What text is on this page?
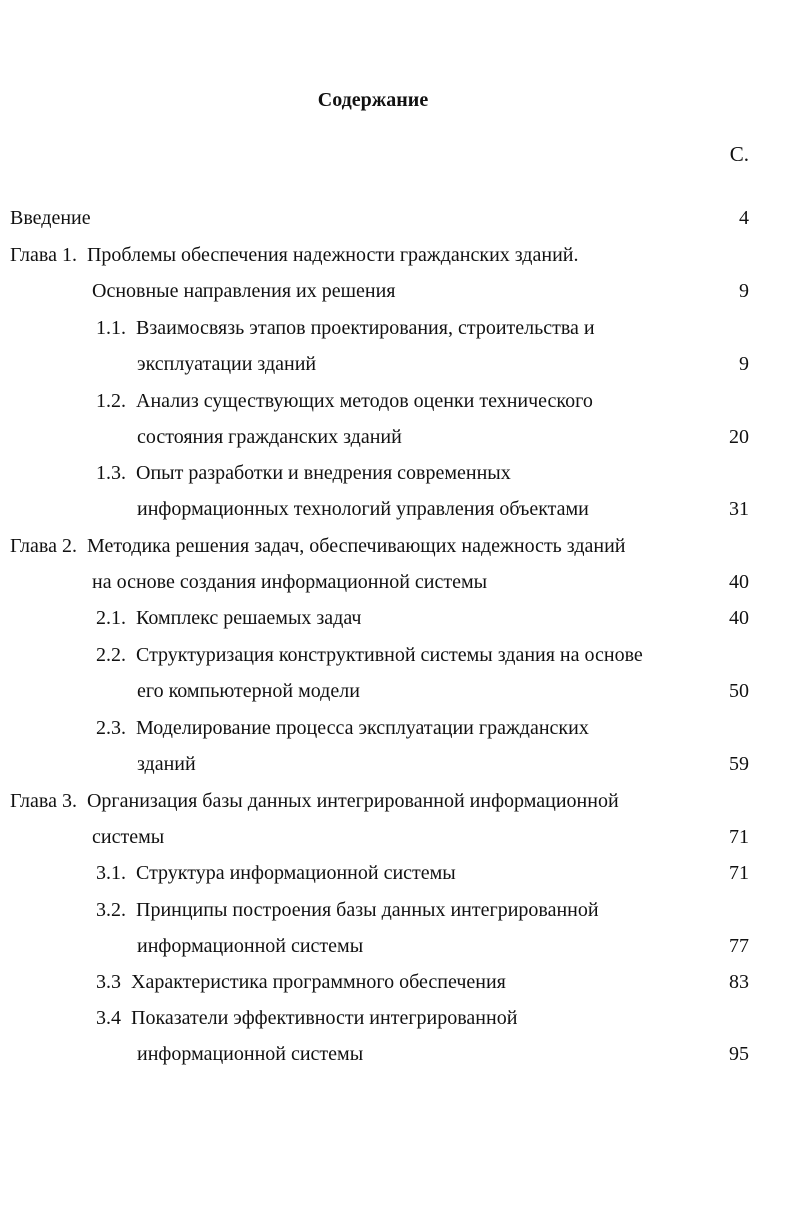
Содержание
С.
Введение	4
Глава 1. Проблемы обеспечения надежности гражданских зданий.
Основные направления их решения	9
1.1. Взаимосвязь этапов проектирования, строительства и
эксплуатации зданий	9
1.2. Анализ существующих методов оценки технического
состояния гражданских зданий	20
1.3. Опыт разработки и внедрения современных
информационных технологий управления объектами	31
Глава 2. Методика решения задач, обеспечивающих надежность зданий
на основе создания информационной системы	40
2.1. Комплекс решаемых задач	40
2.2. Структуризация конструктивной системы здания на основе
его компьютерной модели	50
2.3. Моделирование процесса эксплуатации гражданских
зданий	59
Глава 3. Организация базы данных интегрированной информационной
системы	71
3.1. Структура информационной системы	71
3.2. Принципы построения базы данных интегрированной
информационной системы	77
3.3 Характеристика программного обеспечения	83
3.4 Показатели эффективности интегрированной
информационной системы	95
